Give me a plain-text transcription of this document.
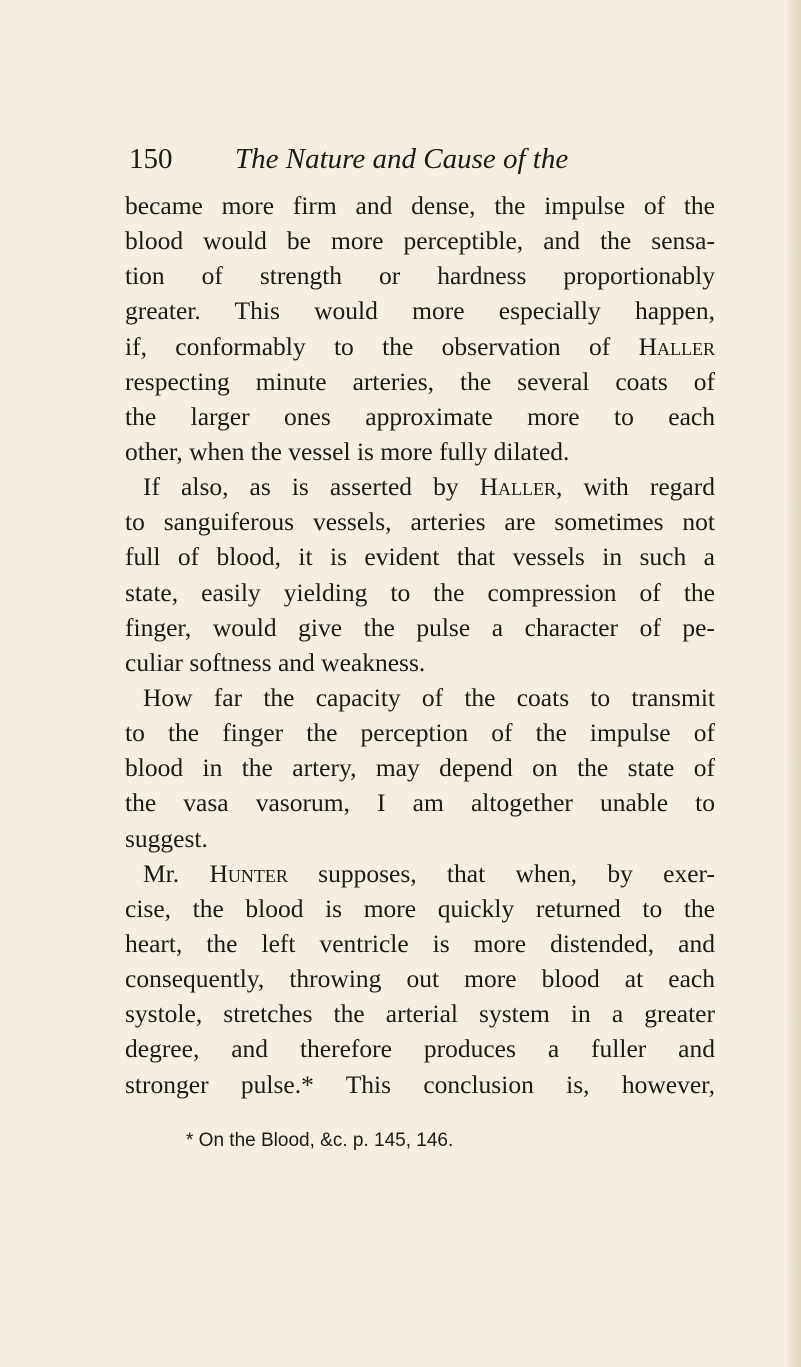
150 The Nature and Cause of the
became more firm and dense, the impulse of the
blood would be more perceptible, and the sensa-
tion of strength or hardness proportionably
greater. This would more especially happen,
if, conformably to the observation of Haller
respecting minute arteries, the several coats of
the larger ones approximate more to each
other, when the vessel is more fully dilated.
If also, as is asserted by Haller, with regard
to sanguiferous vessels, arteries are sometimes not
full of blood, it is evident that vessels in such a
state, easily yielding to the compression of the
finger, would give the pulse a character of pe-
culiar softness and weakness.
How far the capacity of the coats to transmit
to the finger the perception of the impulse of
blood in the artery, may depend on the state of
the vasa vasorum, I am altogether unable to
suggest.
Mr. Hunter supposes, that when, by exer-
cise, the blood is more quickly returned to the
heart, the left ventricle is more distended, and
consequently, throwing out more blood at each
systole, stretches the arterial system in a greater
degree, and therefore produces a fuller and
stronger pulse.* This conclusion is, however,
* On the Blood, &c. p. 145, 146.
